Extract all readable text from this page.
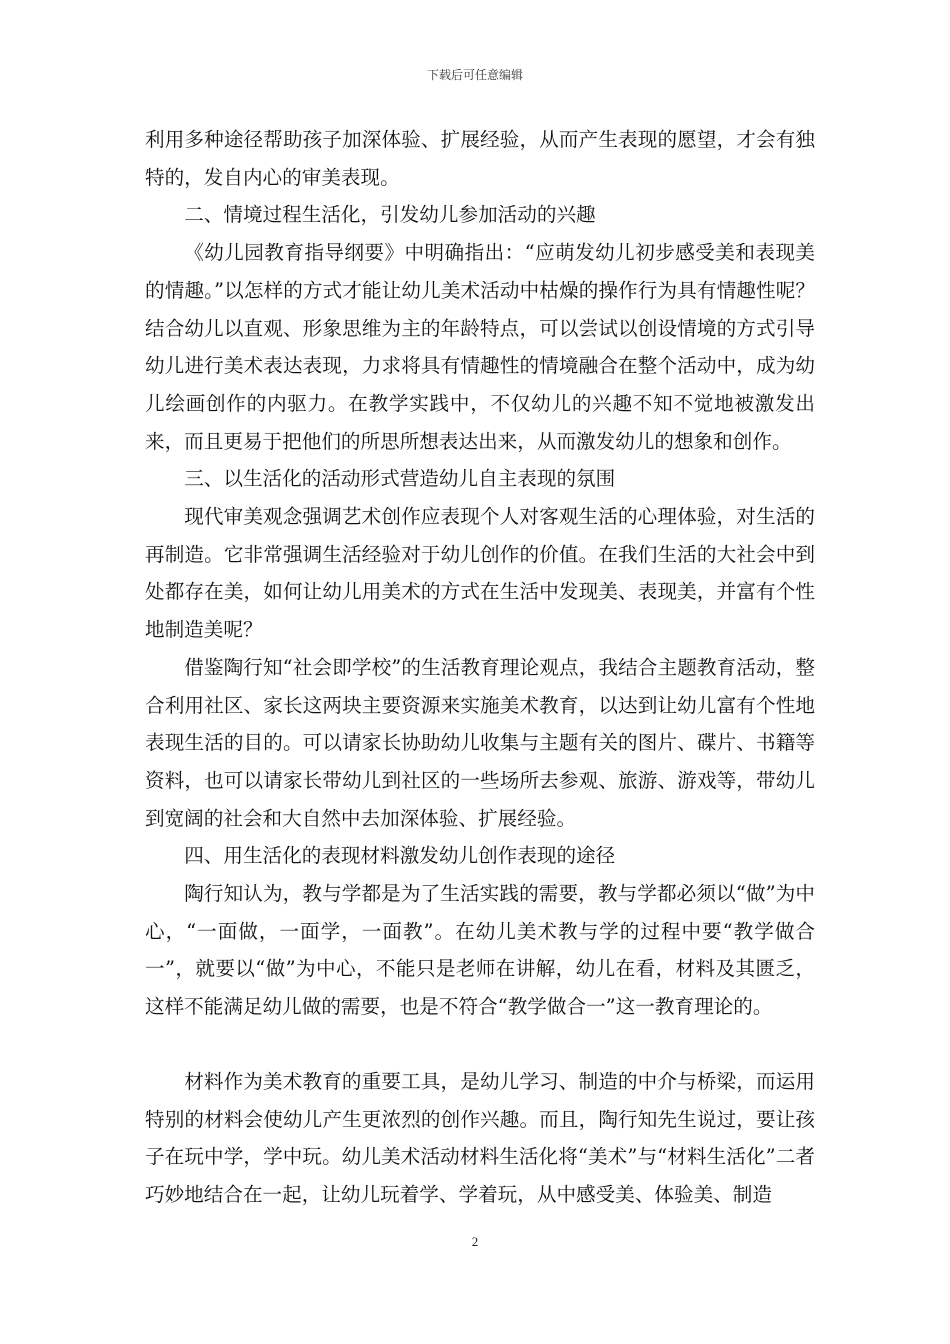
下载后可任意编辑

利用多种途径帮助孩子加深体验、扩展经验，从而产生表现的愿望，才会有独特的，发自内心的审美表现。

二、情境过程生活化，引发幼儿参加活动的兴趣

《幼儿园教育指导纲要》中明确指出：“应萌发幼儿初步感受美和表现美的情趣。”以怎样的方式才能让幼儿美术活动中枯燥的操作行为具有情趣性呢？结合幼儿以直观、形象思维为主的年龄特点，可以尝试以创设情境的方式引导幼儿进行美术表达表现，力求将具有情趣性的情境融合在整个活动中，成为幼儿绘画创作的内驱力。在教学实践中，不仅幼儿的兴趣不知不觉地被激发出来，而且更易于把他们的所思所想表达出来，从而激发幼儿的想象和创作。

三、以生活化的活动形式营造幼儿自主表现的氛围

现代审美观念强调艺术创作应表现个人对客观生活的心理体验，对生活的再制造。它非常强调生活经验对于幼儿创作的价值。在我们生活的大社会中到处都存在美，如何让幼儿用美术的方式在生活中发现美、表现美，并富有个性地制造美呢？

借鉴陶行知“社会即学校”的生活教育理论观点，我结合主题教育活动，整合利用社区、家长这两块主要资源来实施美术教育，以达到让幼儿富有个性地表现生活的目的。可以请家长协助幼儿收集与主题有关的图片、碟片、书籍等资料，也可以请家长带幼儿到社区的一些场所去参观、旅游、游戏等，带幼儿到宽阔的社会和大自然中去加深体验、扩展经验。

四、用生活化的表现材料激发幼儿创作表现的途径

陶行知认为，教与学都是为了生活实践的需要，教与学都必须以“做”为中心，“一面做，一面学，一面教”。在幼儿美术教与学的过程中要“教学做合一”，就要以“做”为中心，不能只是老师在讲解，幼儿在看，材料及其匮乏，这样不能满足幼儿做的需要，也是不符合“教学做合一”这一教育理论的。

材料作为美术教育的重要工具，是幼儿学习、制造的中介与桥梁，而运用特别的材料会使幼儿产生更浓烈的创作兴趣。而且，陶行知先生说过，要让孩子在玩中学，学中玩。幼儿美术活动材料生活化将“美术”与“材料生活化”二者巧妙地结合在一起，让幼儿玩着学、学着玩，从中感受美、体验美、制造

2
